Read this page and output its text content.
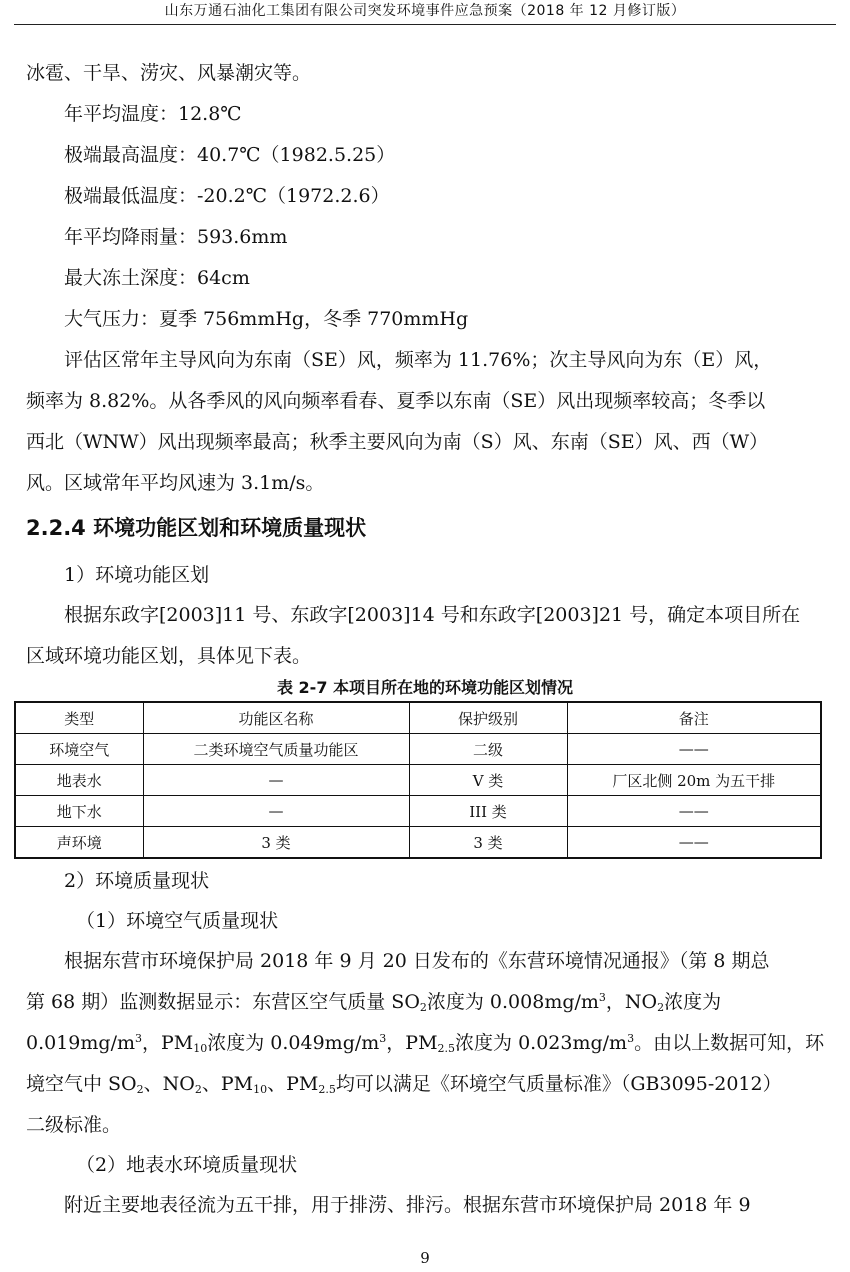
山东万通石油化工集团有限公司突发环境事件应急预案（2018 年 12 月修订版）
冰雹、干旱、涝灾、风暴潮灾等。
年平均温度：12.8℃
极端最高温度：40.7℃（1982.5.25）
极端最低温度：-20.2℃（1972.2.6）
年平均降雨量：593.6mm
最大冻土深度：64cm
大气压力：夏季 756mmHg，冬季 770mmHg
评估区常年主导风向为东南（SE）风，频率为 11.76%；次主导风向为东（E）风，
频率为 8.82%。从各季风的风向频率看春、夏季以东南（SE）风出现频率较高；冬季以
西北（WNW）风出现频率最高；秋季主要风向为南（S）风、东南（SE）风、西（W）
风。区域常年平均风速为 3.1m/s。
2.2.4 环境功能区划和环境质量现状
1）环境功能区划
根据东政字[2003]11 号、东政字[2003]14 号和东政字[2003]21 号，确定本项目所在
区域环境功能区划，具体见下表。
表 2-7 本项目所在地的环境功能区划情况
类型	功能区名称	保护级别	备注
环境空气	二类环境空气质量功能区	二级	——
地表水	—	V 类	厂区北侧 20m 为五干排
地下水	—	III 类	——
声环境	3 类	3 类	——
2）环境质量现状
（1）环境空气质量现状
根据东营市环境保护局 2018 年 9 月 20 日发布的《东营环境情况通报》（第 8 期总
第 68 期）监测数据显示：东营区空气质量 $SO_2$浓度为 $0.008mg/m^3$，$NO_2$浓度为
$0.019mg/m^3$，$PM_{10}$浓度为 $0.049mg/m^3$，$PM_{2.5}$浓度为 $0.023mg/m^3$。由以上数据可知，环
境空气中 $SO_2$、$NO_2$、$PM_{10}$、$PM_{2.5}$均可以满足《环境空气质量标准》（GB3095-2012）
二级标准。
（2）地表水环境质量现状
附近主要地表径流为五干排，用于排涝、排污。根据东营市环境保护局 2018 年 9
9
